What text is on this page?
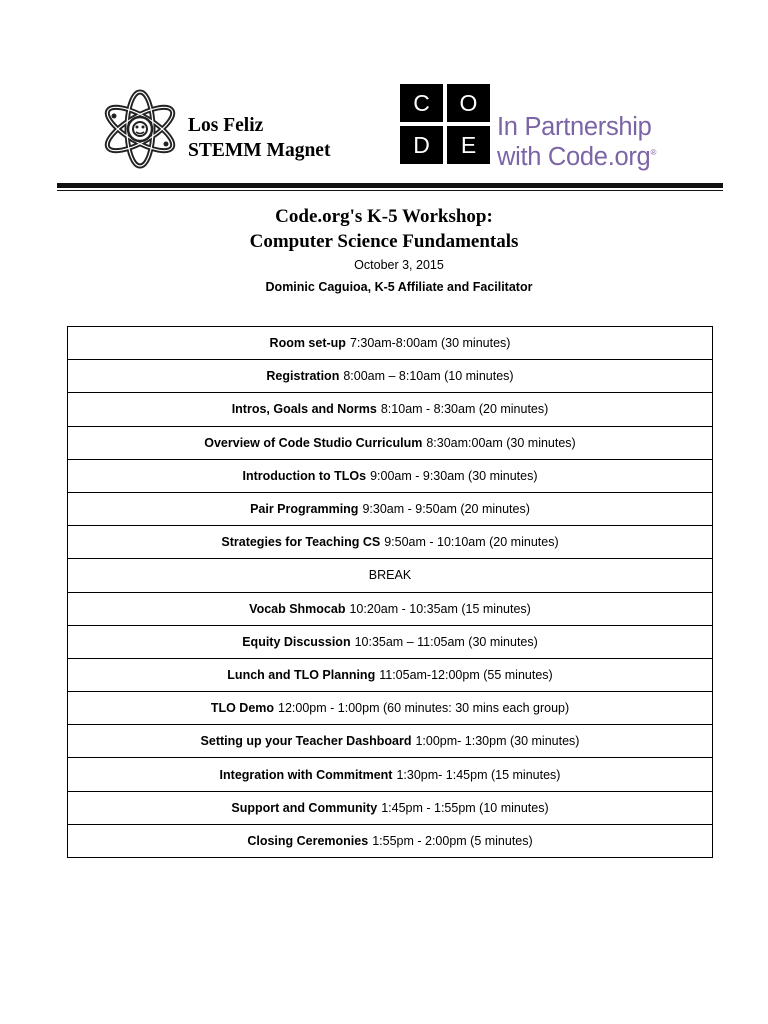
Los Feliz
STEMM Magnet
C	O
D	E
In Partnership
with Code.org®
Code.org's K-5 Workshop:
Computer Science Fundamentals
October 3, 2015
Dominic Caguioa, K-5 Affiliate and Facilitator
Room set-up 7:30am-8:00am (30 minutes)
Registration 8:00am – 8:10am (10 minutes)
Intros, Goals and Norms 8:10am - 8:30am (20 minutes)
Overview of Code Studio Curriculum 8:30am:00am (30 minutes)
Introduction to TLOs 9:00am - 9:30am (30 minutes)
Pair Programming 9:30am - 9:50am (20 minutes)
Strategies for Teaching CS 9:50am - 10:10am (20 minutes)
BREAK
Vocab Shmocab 10:20am - 10:35am (15 minutes)
Equity Discussion 10:35am – 11:05am (30 minutes)
Lunch and TLO Planning 11:05am-12:00pm (55 minutes)
TLO Demo 12:00pm - 1:00pm (60 minutes: 30 mins each group)
Setting up your Teacher Dashboard 1:00pm- 1:30pm (30 minutes)
Integration with Commitment 1:30pm- 1:45pm (15 minutes)
Support and Community 1:45pm - 1:55pm (10 minutes)
Closing Ceremonies 1:55pm - 2:00pm (5 minutes)
